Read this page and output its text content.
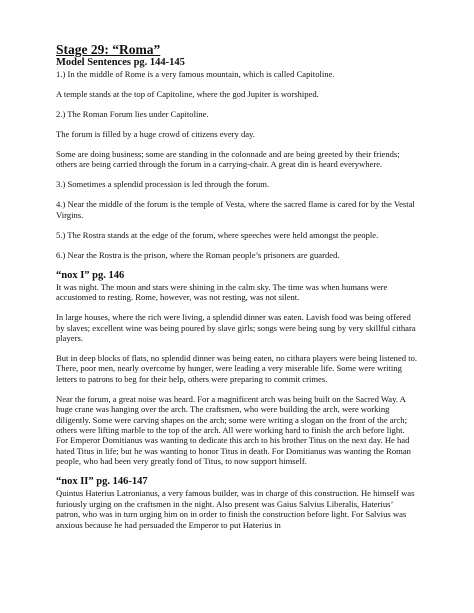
Stage 29: “Roma”
Model Sentences pg. 144-145

1.) In the middle of Rome is a very famous mountain, which is called Capitoline.

A temple stands at the top of Capitoline, where the god Jupiter is worshiped.

2.) The Roman Forum lies under Capitoline.

The forum is filled by a huge crowd of citizens every day.

Some are doing business; some are standing in the colonnade and are being greeted by their friends; others are being carried through the forum in a carrying-chair. A great din is heard everywhere.

3.) Sometimes a splendid procession is led through the forum.

4.) Near the middle of the forum is the temple of Vesta, where the sacred flame is cared for by the Vestal Virgins.

5.) The Rostra stands at the edge of the forum, where speeches were held amongst the people.

6.) Near the Rostra is the prison, where the Roman people’s prisoners are guarded.

“nox I” pg. 146

It was night. The moon and stars were shining in the calm sky. The time was when humans were accustomed to resting. Rome, however, was not resting, was not silent.

In large houses, where the rich were living, a splendid dinner was eaten. Lavish food was being offered by slaves; excellent wine was being poured by slave girls; songs were being sung by very skillful cithara players.

But in deep blocks of flats, no splendid dinner was being eaten, no cithara players were being listened to. There, poor men, nearly overcome by hunger, were leading a very miserable life. Some were writing letters to patrons to beg for their help, others were preparing to commit crimes.

Near the forum, a great noise was heard. For a magnificent arch was being built on the Sacred Way. A huge crane was hanging over the arch. The craftsmen, who were building the arch, were working diligently. Some were carving shapes on the arch; some were writing a slogan on the front of the arch; others were lifting marble to the top of the arch. All were working hard to finish the arch before light. For Emperor Domitianus was wanting to dedicate this arch to his brother Titus on the next day. He had hated Titus in life; but he was wanting to honor Titus in death. For Domitianus was wanting the Roman people, who had been very greatly fond of Titus, to now support himself.

“nox II” pg. 146-147

Quintus Haterius Latronianus, a very famous builder, was in charge of this construction. He himself was furiously urging on the craftsmen in the night. Also present was Gaius Salvius Liberalis, Haterius’ patron, who was in turn urging him on in order to finish the construction before light. For Salvius was anxious because he had persuaded the Emperor to put Haterius in
